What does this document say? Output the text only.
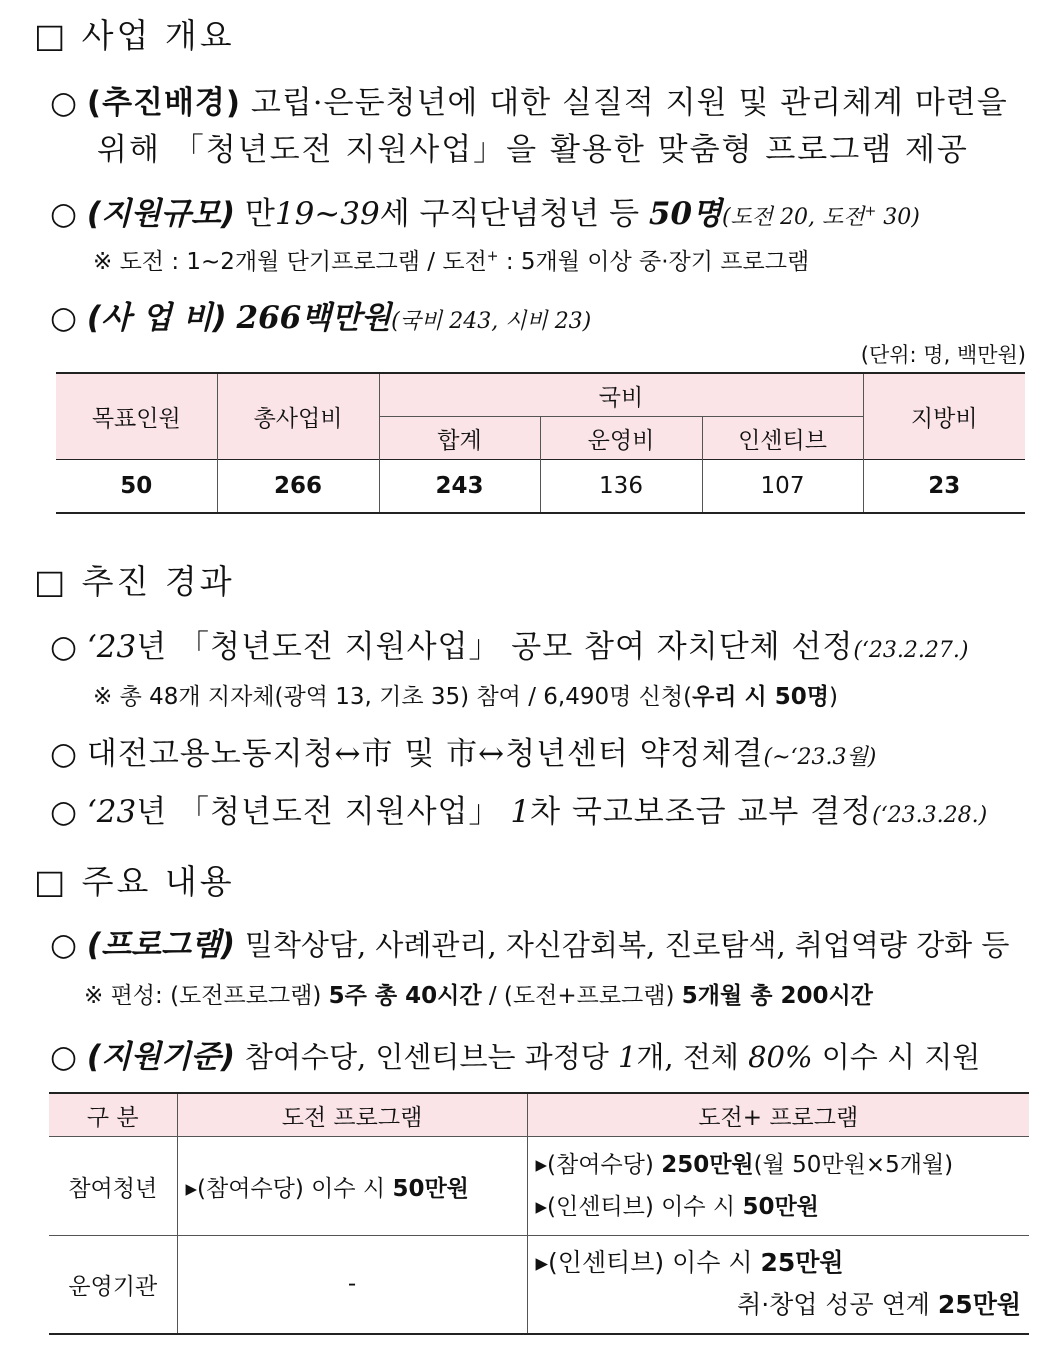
□ 사업 개요
○ (추진배경) 고립·은둔청년에 대한 실질적 지원 및 관리체계 마련을
위해 「청년도전 지원사업」을 활용한 맞춤형 프로그램 제공
○ (지원규모) 만19~39세 구직단념청년 등 50명(도전 20, 도전+ 30)
※ 도전 : 1~2개월 단기프로그램 / 도전+ : 5개월 이상 중·장기 프로그램
○ (사 업 비) 266백만원(국비 243, 시비 23)
(단위: 명, 백만원)
목표인원	총사업비	국비			지방비
		합계	운영비	인센티브	
50	266	243	136	107	23
□ 추진 경과
○ ‘23년 「청년도전 지원사업」 공모 참여 자치단체 선정(‘23.2.27.)
※ 총 48개 지자체(광역 13, 기초 35) 참여 / 6,490명 신청(우리 시 50명)
○ 대전고용노동지청↔市 및 市↔청년센터 약정체결(~‘23.3월)
○ ‘23년 「청년도전 지원사업」 1차 국고보조금 교부 결정(‘23.3.28.)
□ 주요 내용
○ (프로그램) 밀착상담, 사례관리, 자신감회복, 진로탐색, 취업역량 강화 등
※ 편성: (도전프로그램) 5주 총 40시간 / (도전+프로그램) 5개월 총 200시간
○ (지원기준) 참여수당, 인센티브는 과정당 1개, 전체 80% 이수 시 지원
구 분	도전 프로그램	도전+ 프로그램
참여청년	▸(참여수당) 이수 시 50만원	▸(참여수당) 250만원(월 50만원×5개월)
▸(인센티브) 이수 시 50만원

운영기관	-	▸(인센티브) 이수 시 25만원
취·창업 성공 연계 25만원
